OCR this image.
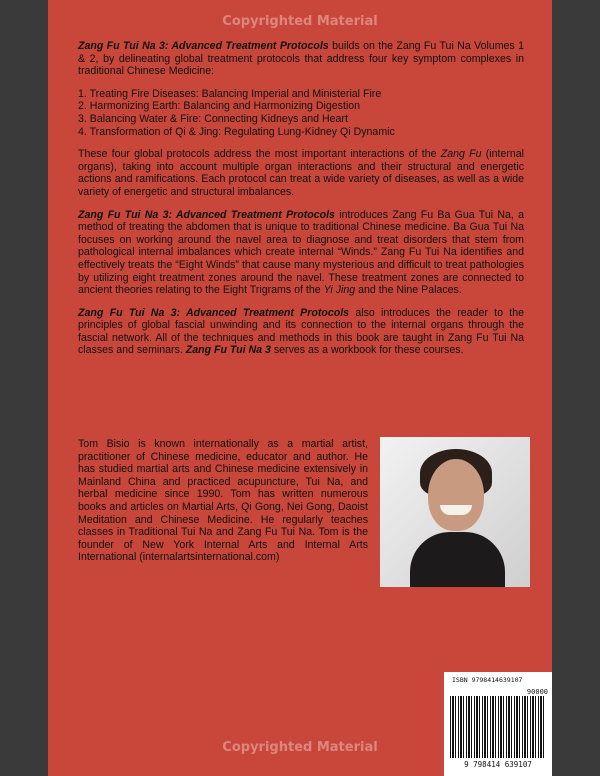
Copyrighted Material

Zang Fu Tui Na 3: Advanced Treatment Protocols builds on the Zang Fu Tui Na Volumes 1 & 2, by delineating global treatment protocols that address four key symptom complexes in traditional Chinese Medicine:

1. Treating Fire Diseases: Balancing Imperial and Ministerial Fire
2. Harmonizing Earth: Balancing and Harmonizing Digestion
3. Balancing Water & Fire: Connecting Kidneys and Heart
4. Transformation of Qi & Jing: Regulating Lung-Kidney Qi Dynamic

These four global protocols address the most important interactions of the Zang Fu (internal organs), taking into account multiple organ interactions and their structural and energetic actions and ramifications. Each protocol can treat a wide variety of diseases, as well as a wide variety of energetic and structural imbalances.

Zang Fu Tui Na 3: Advanced Treatment Protocols introduces Zang Fu Ba Gua Tui Na, a method of treating the abdomen that is unique to traditional Chinese medicine. Ba Gua Tui Na focuses on working around the navel area to diagnose and treat disorders that stem from pathological internal imbalances which create internal “Winds.” Zang Fu Tui Na identifies and effectively treats the “Eight Winds” that cause many mysterious and difficult to treat pathologies by utilizing eight treatment zones around the navel. These treatment zones are connected to ancient theories relating to the Eight Trigrams of the Yi Jing and the Nine Palaces.

Zang Fu Tui Na 3: Advanced Treatment Protocols also introduces the reader to the principles of global fascial unwinding and its connection to the internal organs through the fascial network. All of the techniques and methods in this book are taught in Zang Fu Tui Na classes and seminars. Zang Fu Tui Na 3 serves as a workbook for these courses.

Tom Bisio is known internationally as a martial artist, practitioner of Chinese medicine, educator and author. He has studied martial arts and Chinese medicine extensively in Mainland China and practiced acupuncture, Tui Na, and herbal medicine since 1990. Tom has written numerous books and articles on Martial Arts, Qi Gong, Nei Gong, Daoist Meditation and Chinese Medicine. He regularly teaches classes in Traditional Tui Na and Zang Fu Tui Na. Tom is the founder of New York Internal Arts and Internal Arts International (internalartsinternational.com)
ISBN 9798414639107
90000
9 798414 639107
Copyrighted Material
